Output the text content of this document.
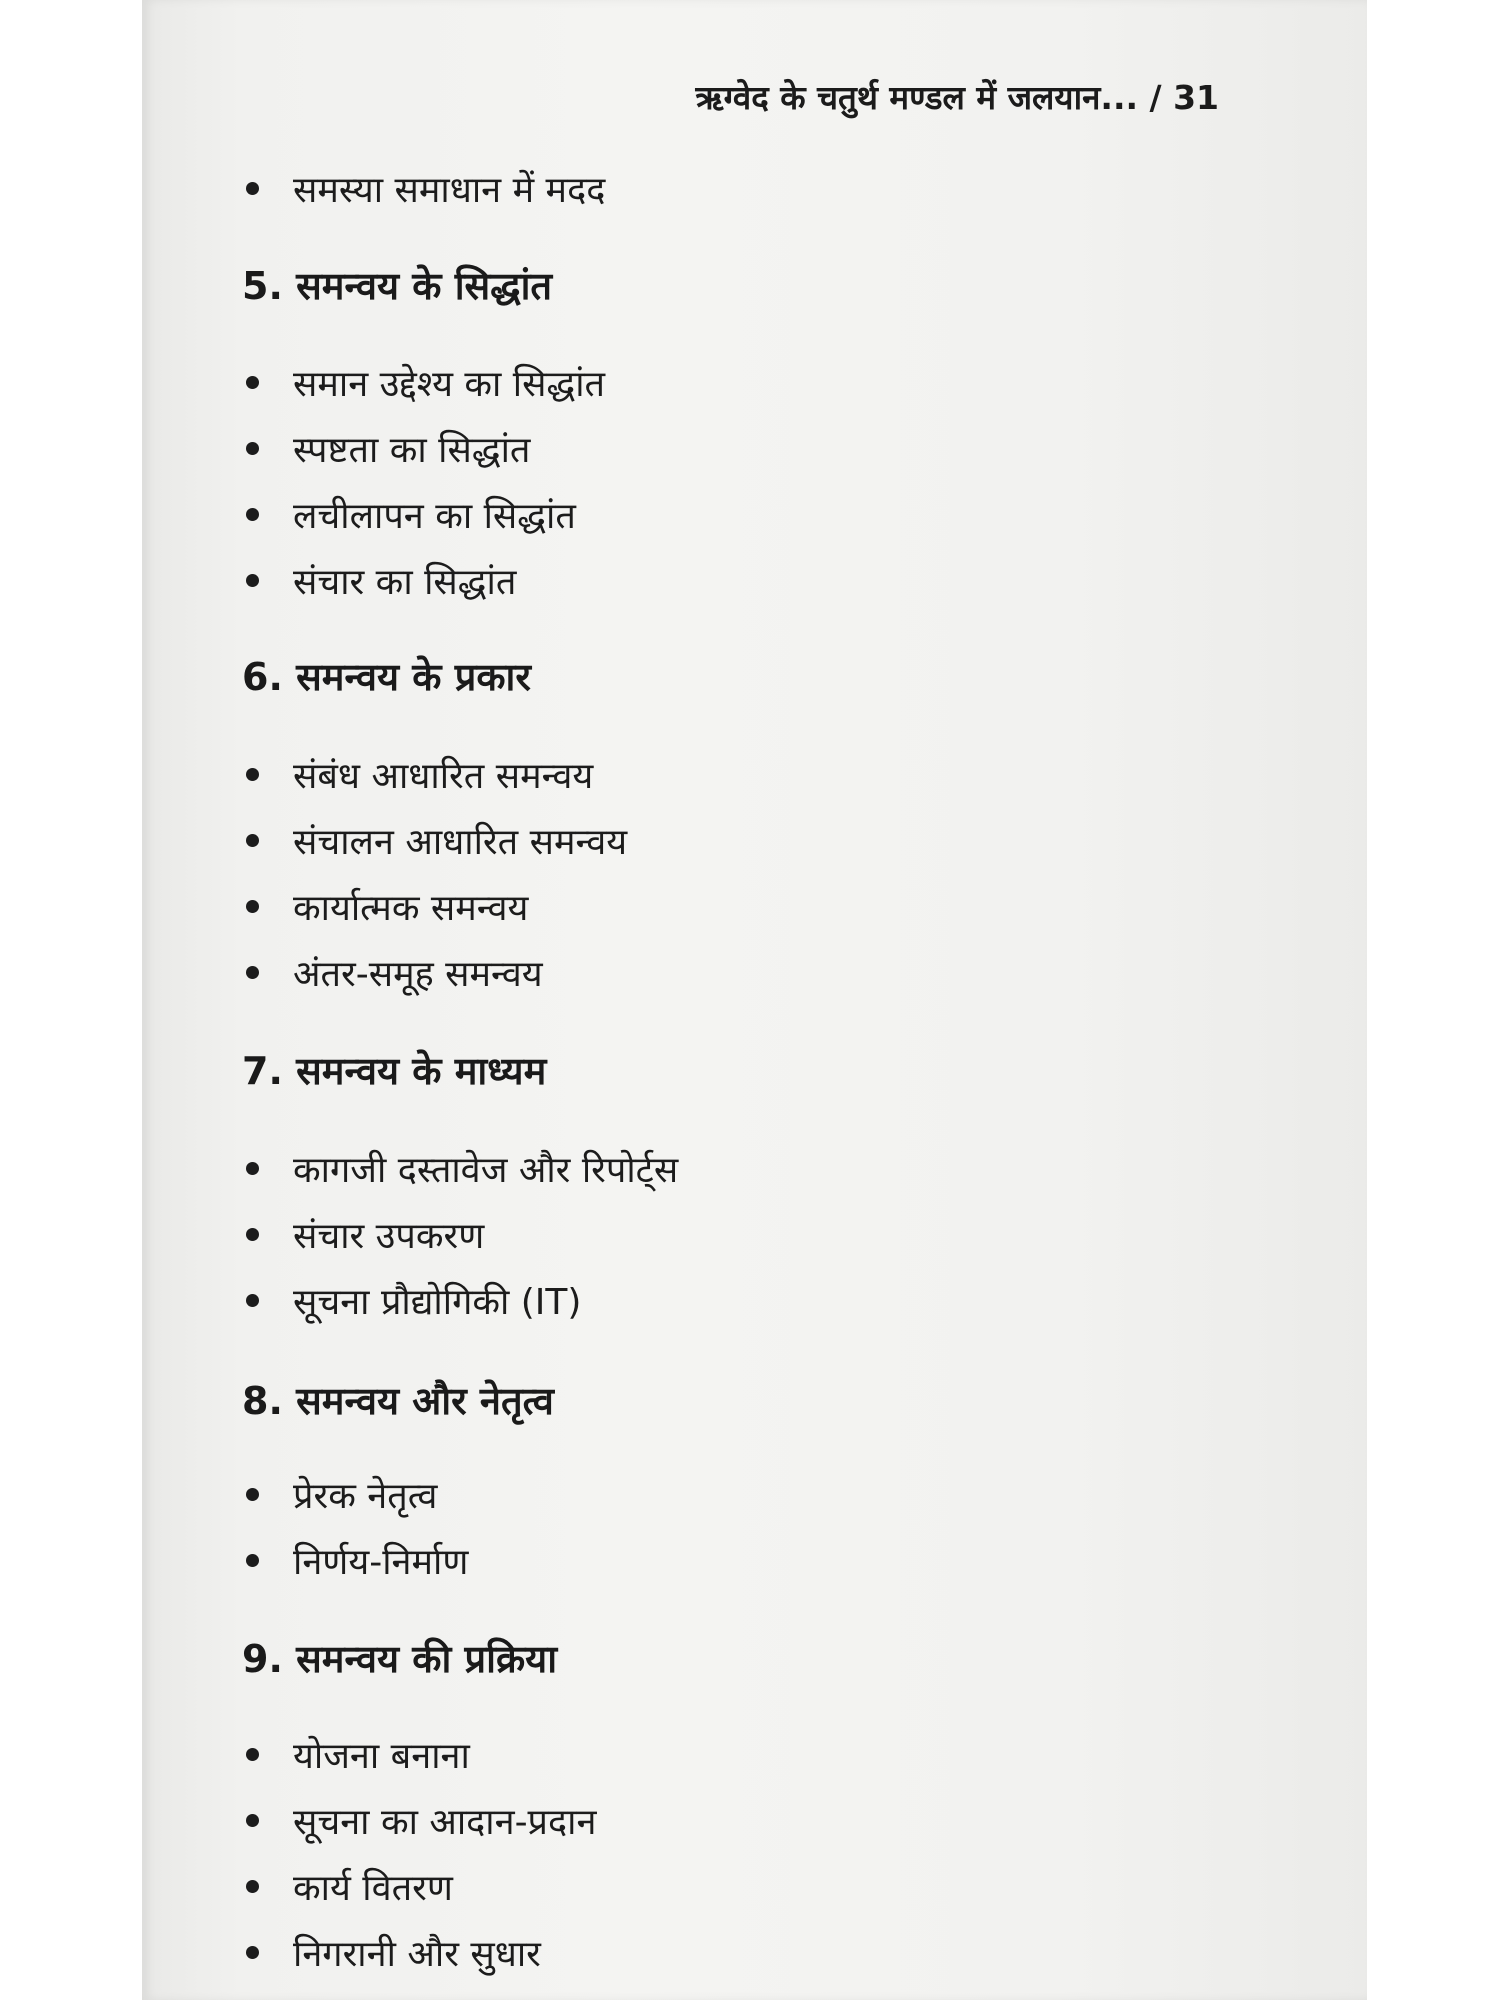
ऋग्वेद के चतुर्थ मण्डल में जलयान... / 31
समस्या समाधान में मदद
5. समन्वय के सिद्धांत
समान उद्देश्य का सिद्धांत
स्पष्टता का सिद्धांत
लचीलापन का सिद्धांत
संचार का सिद्धांत
6. समन्वय के प्रकार
संबंध आधारित समन्वय
संचालन आधारित समन्वय
कार्यात्मक समन्वय
अंतर-समूह समन्वय
7. समन्वय के माध्यम
कागजी दस्तावेज और रिपोर्ट्स
संचार उपकरण
सूचना प्रौद्योगिकी (IT)
8. समन्वय और नेतृत्व
प्रेरक नेतृत्व
निर्णय-निर्माण
9. समन्वय की प्रक्रिया
योजना बनाना
सूचना का आदान-प्रदान
कार्य वितरण
निगरानी और सुधार
